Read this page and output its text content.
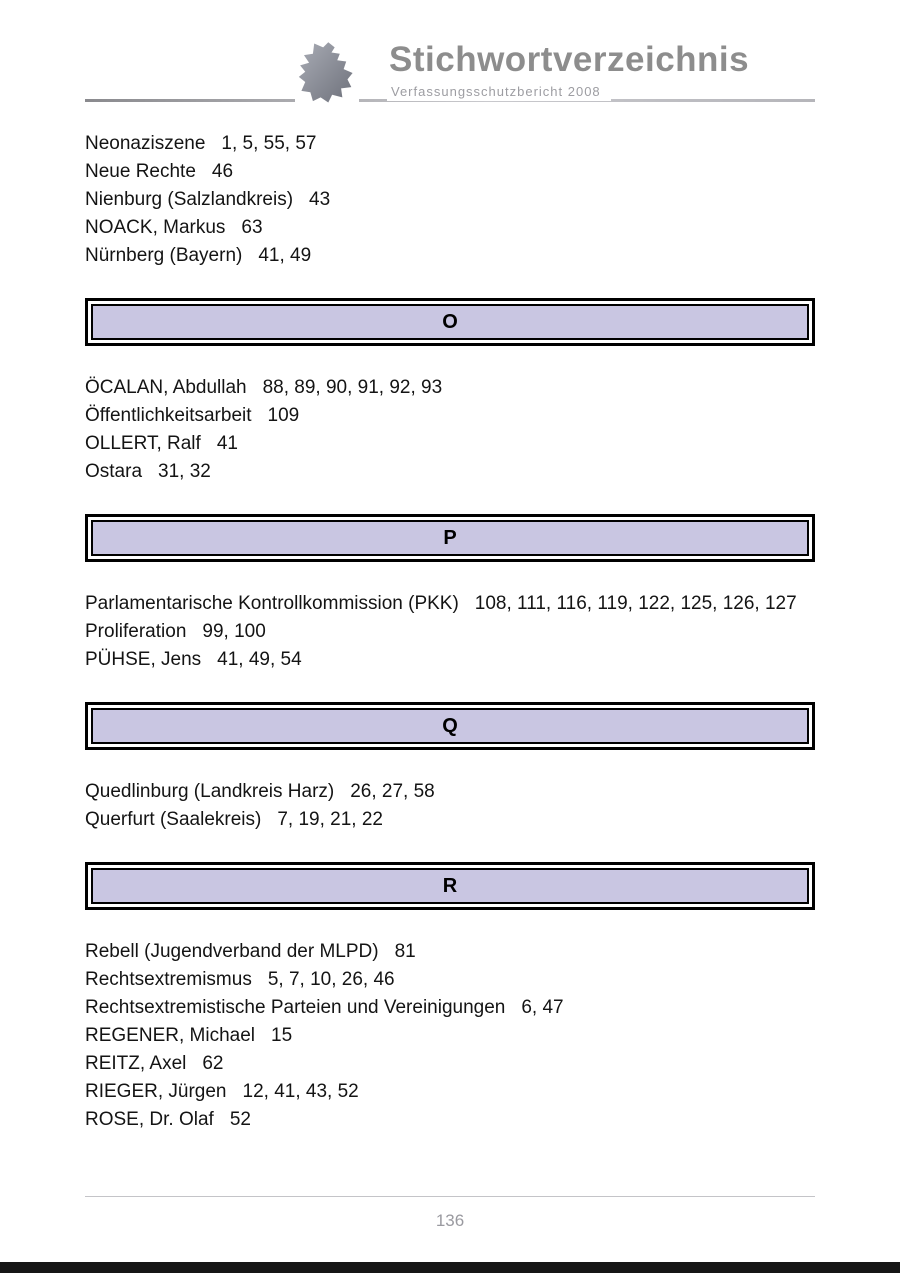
Stichwortverzeichnis
Verfassungsschutzbericht 2008

Neonaziszene 1, 5, 55, 57

Neue Rechte 46

Nienburg (Salzlandkreis) 43

NOACK, Markus 63

Nürnberg (Bayern) 41, 49

O

ÖCALAN, Abdullah 88, 89, 90, 91, 92, 93

Öffentlichkeitsarbeit 109

OLLERT, Ralf 41

Ostara 31, 32

P

Parlamentarische Kontrollkommission (PKK) 108, 111, 116, 119, 122, 125, 126, 127

Proliferation 99, 100

PÜHSE, Jens 41, 49, 54

Q

Quedlinburg (Landkreis Harz) 26, 27, 58

Querfurt (Saalekreis) 7, 19, 21, 22

R

Rebell (Jugendverband der MLPD) 81

Rechtsextremismus 5, 7, 10, 26, 46

Rechtsextremistische Parteien und Vereinigungen 6, 47

REGENER, Michael 15

REITZ, Axel 62

RIEGER, Jürgen 12, 41, 43, 52

ROSE, Dr. Olaf 52

136
